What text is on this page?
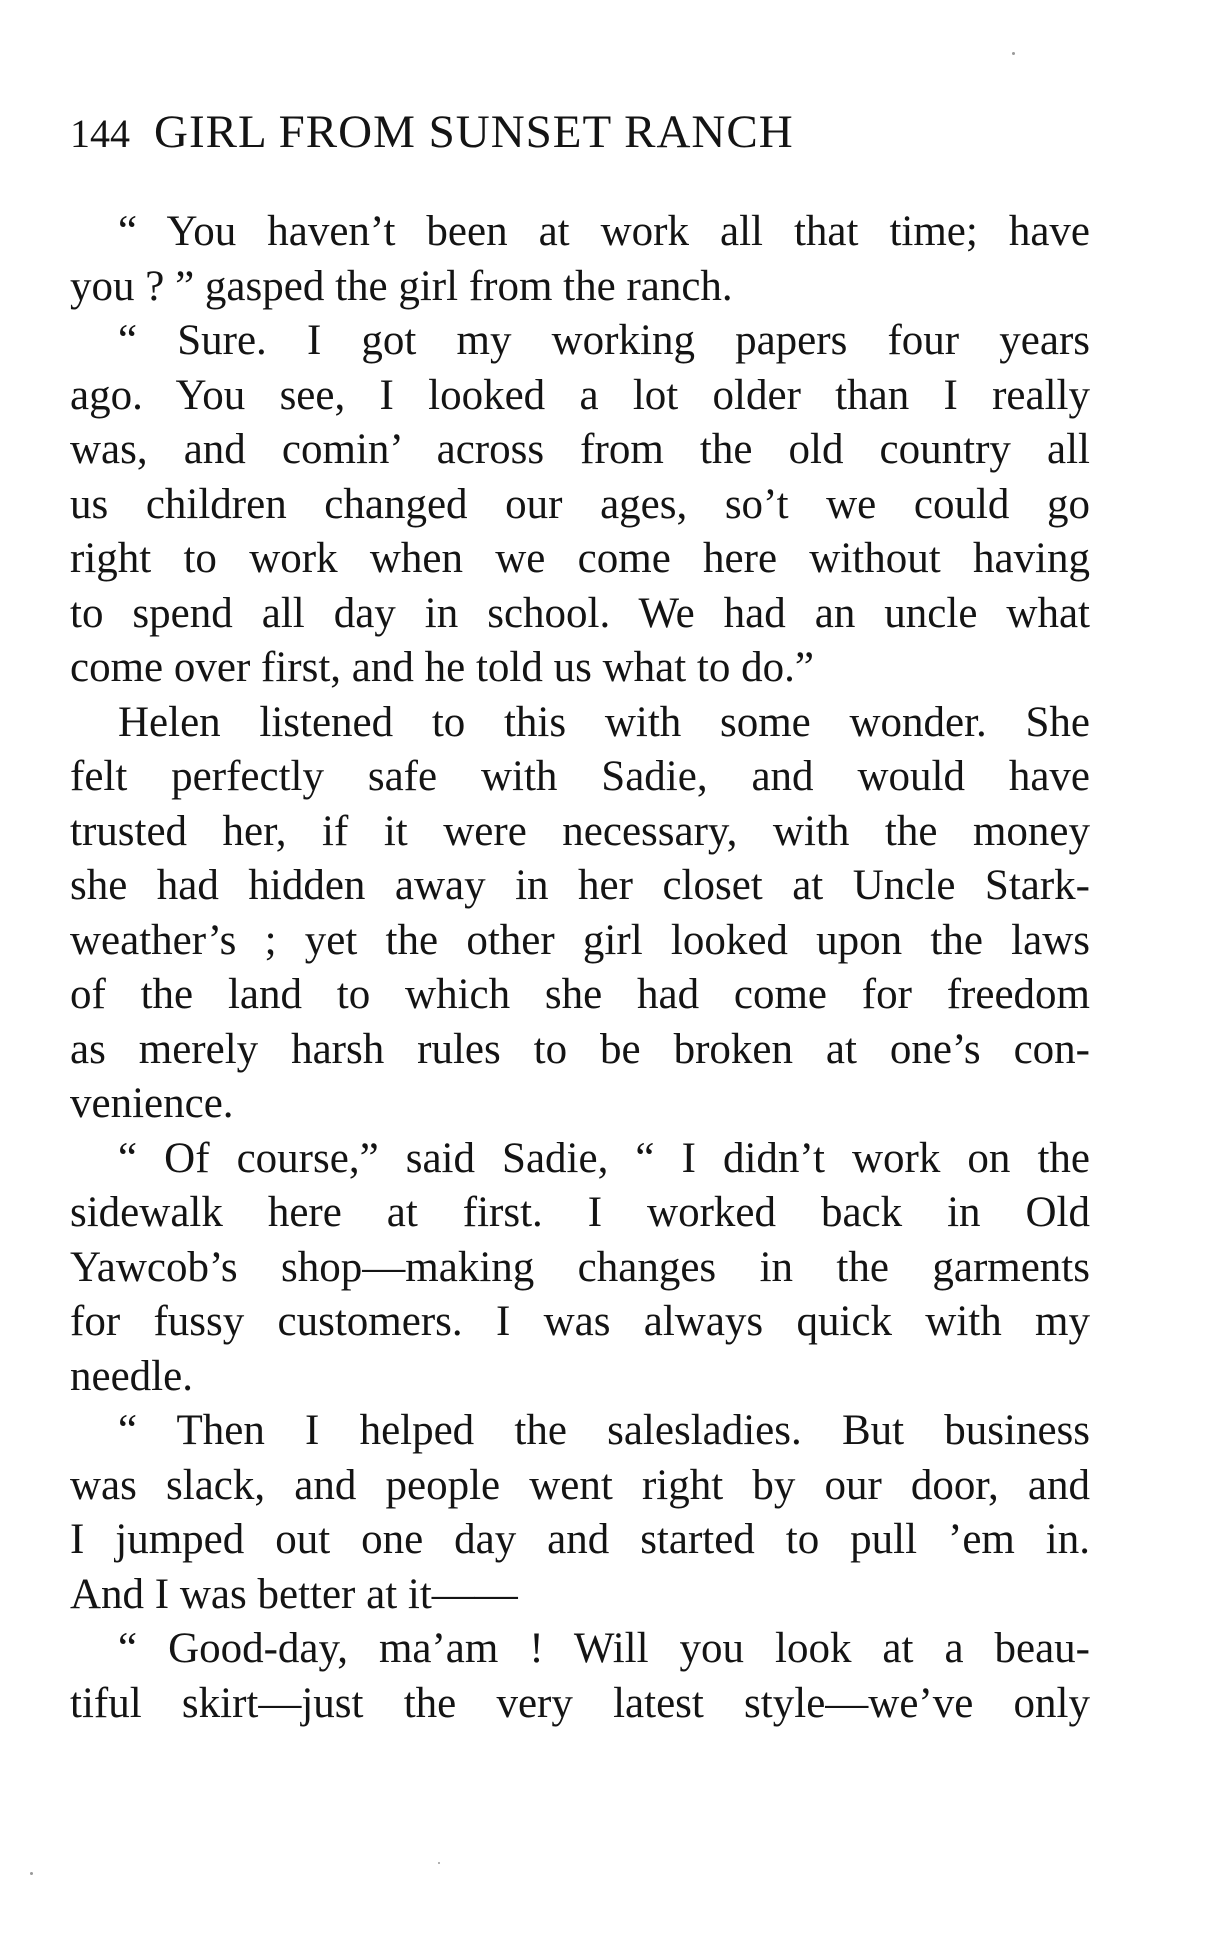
144 GIRL FROM SUNSET RANCH
“ You haven’t been at work all that time; have
you ? ” gasped the girl from the ranch.
“ Sure. I got my working papers four years
ago. You see, I looked a lot older than I really
was, and comin’ across from the old country all
us children changed our ages, so’t we could go
right to work when we come here without having
to spend all day in school. We had an uncle what
come over first, and he told us what to do.”
Helen listened to this with some wonder. She
felt perfectly safe with Sadie, and would have
trusted her, if it were necessary, with the money
she had hidden away in her closet at Uncle Stark-
weather’s ; yet the other girl looked upon the laws
of the land to which she had come for freedom
as merely harsh rules to be broken at one’s con-
venience.
“ Of course,” said Sadie, “ I didn’t work on the
sidewalk here at first. I worked back in Old
Yawcob’s shop—making changes in the garments
for fussy customers. I was always quick with my
needle.
“ Then I helped the salesladies. But business
was slack, and people went right by our door, and
I jumped out one day and started to pull ’em in.
And I was better at it——
“ Good-day, ma’am ! Will you look at a beau-
tiful skirt—just the very latest style—we’ve only
